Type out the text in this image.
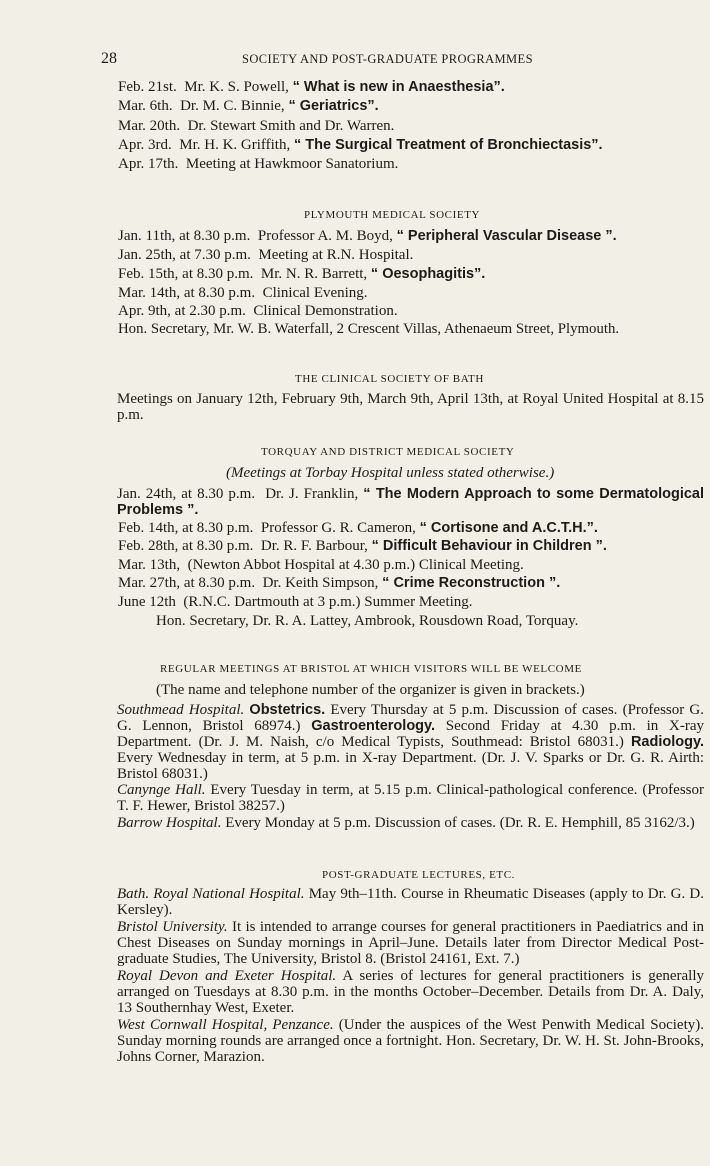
28	SOCIETY AND POST-GRADUATE PROGRAMMES
Feb. 21st. Mr. K. S. Powell, “ What is new in Anaesthesia”.
Mar. 6th. Dr. M. C. Binnie, “ Geriatrics”.
Mar. 20th. Dr. Stewart Smith and Dr. Warren.
Apr. 3rd. Mr. H. K. Griffith, “ The Surgical Treatment of Bronchiectasis”.
Apr. 17th. Meeting at Hawkmoor Sanatorium.
PLYMOUTH MEDICAL SOCIETY
Jan. 11th, at 8.30 p.m. Professor A. M. Boyd, “ Peripheral Vascular Disease ”.
Jan. 25th, at 7.30 p.m. Meeting at R.N. Hospital.
Feb. 15th, at 8.30 p.m. Mr. N. R. Barrett, “ Oesophagitis”.
Mar. 14th, at 8.30 p.m. Clinical Evening.
Apr. 9th, at 2.30 p.m. Clinical Demonstration.
Hon. Secretary, Mr. W. B. Waterfall, 2 Crescent Villas, Athenaeum Street, Plymouth.
THE CLINICAL SOCIETY OF BATH
Meetings on January 12th, February 9th, March 9th, April 13th, at Royal United Hospital at 8.15 p.m.
TORQUAY AND DISTRICT MEDICAL SOCIETY
(Meetings at Torbay Hospital unless stated otherwise.)
Jan. 24th, at 8.30 p.m. Dr. J. Franklin, “ The Modern Approach to some Dermatological Problems ”.
Feb. 14th, at 8.30 p.m. Professor G. R. Cameron, “ Cortisone and A.C.T.H.”.
Feb. 28th, at 8.30 p.m. Dr. R. F. Barbour, “ Difficult Behaviour in Children ”.
Mar. 13th, (Newton Abbot Hospital at 4.30 p.m.) Clinical Meeting.
Mar. 27th, at 8.30 p.m. Dr. Keith Simpson, “ Crime Reconstruction ”.
June 12th (R.N.C. Dartmouth at 3 p.m.) Summer Meeting.
Hon. Secretary, Dr. R. A. Lattey, Ambrook, Rousdown Road, Torquay.
REGULAR MEETINGS AT BRISTOL AT WHICH VISITORS WILL BE WELCOME
(The name and telephone number of the organizer is given in brackets.)
Southmead Hospital. Obstetrics. Every Thursday at 5 p.m. Discussion of cases. (Professor G. G. Lennon, Bristol 68974.) Gastroenterology. Second Friday at 4.30 p.m. in X-ray Department. (Dr. J. M. Naish, c/o Medical Typists, Southmead: Bristol 68031.) Radiology. Every Wednesday in term, at 5 p.m. in X-ray Department. (Dr. J. V. Sparks or Dr. G. R. Airth: Bristol 68031.)
Canynge Hall. Every Tuesday in term, at 5.15 p.m. Clinical-pathological conference. (Professor T. F. Hewer, Bristol 38257.)
Barrow Hospital. Every Monday at 5 p.m. Discussion of cases. (Dr. R. E. Hemphill, 85 3162/3.)
POST-GRADUATE LECTURES, ETC.
Bath. Royal National Hospital. May 9th–11th. Course in Rheumatic Diseases (apply to Dr. G. D. Kersley).
Bristol University. It is intended to arrange courses for general practitioners in Paediatrics and in Chest Diseases on Sunday mornings in April–June. Details later from Director Medical Post-graduate Studies, The University, Bristol 8. (Bristol 24161, Ext. 7.)
Royal Devon and Exeter Hospital. A series of lectures for general practitioners is generally arranged on Tuesdays at 8.30 p.m. in the months October–December. Details from Dr. A. Daly, 13 Southernhay West, Exeter.
West Cornwall Hospital, Penzance. (Under the auspices of the West Penwith Medical Society). Sunday morning rounds are arranged once a fortnight. Hon. Secretary, Dr. W. H. St. John-Brooks, Johns Corner, Marazion.
